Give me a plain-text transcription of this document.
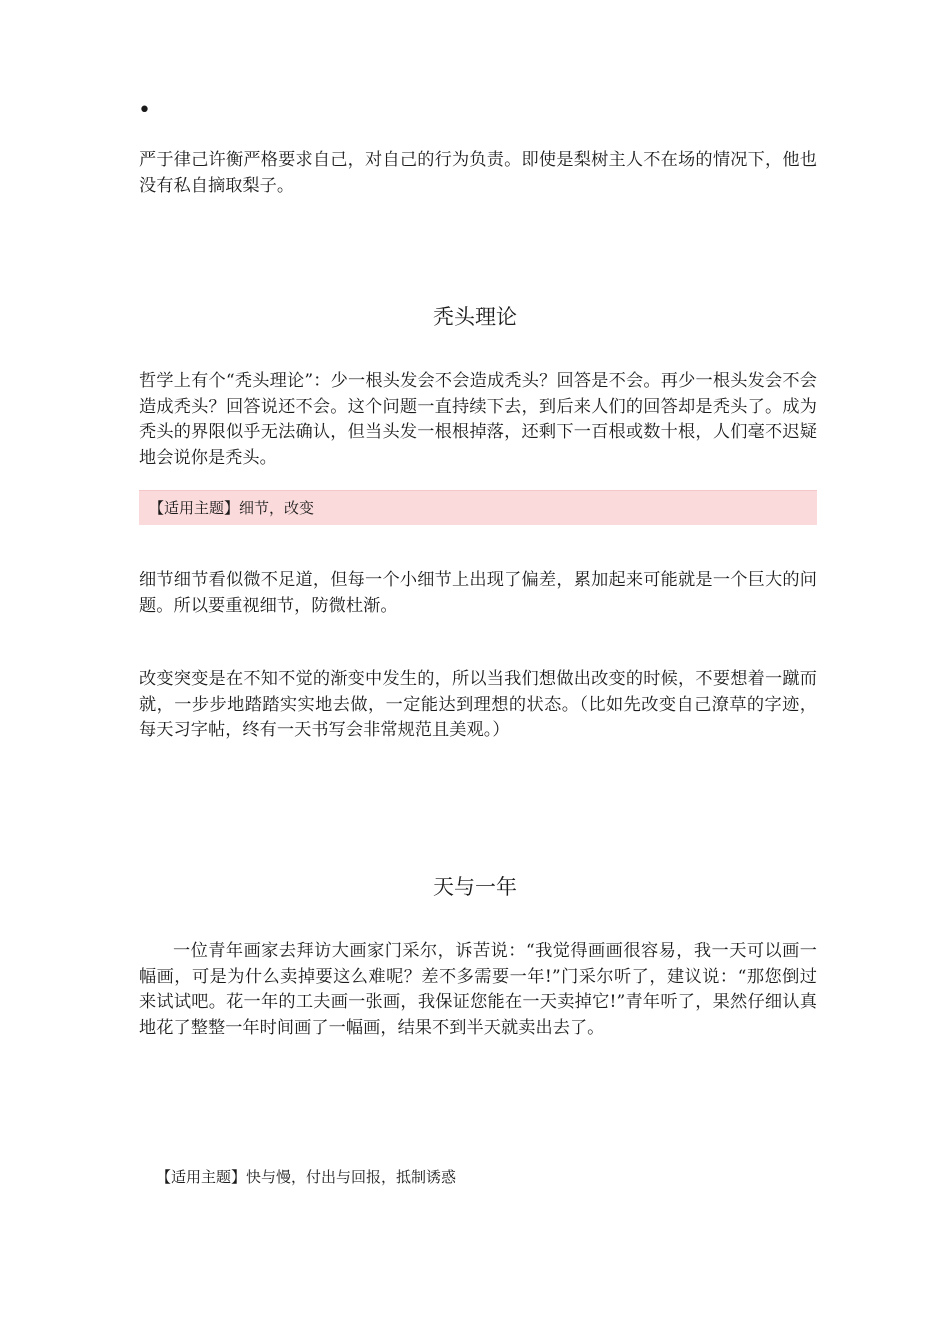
•

严于律己许衡严格要求自己，对自己的行为负责。即使是梨树主人不在场的情况下，他也没有私自摘取梨子。

秃头理论

哲学上有个“秃头理论”：少一根头发会不会造成秃头？回答是不会。再少一根头发会不会造成秃头？回答说还不会。这个问题一直持续下去，到后来人们的回答却是秃头了。成为秃头的界限似乎无法确认，但当头发一根根掉落，还剩下一百根或数十根，人们毫不迟疑地会说你是秃头。

【适用主题】细节，改变

细节细节看似微不足道，但每一个小细节上出现了偏差，累加起来可能就是一个巨大的问题。所以要重视细节，防微杜渐。

改变突变是在不知不觉的渐变中发生的，所以当我们想做出改变的时候，不要想着一蹴而就，一步步地踏踏实实地去做，一定能达到理想的状态。（比如先改变自己潦草的字迹，每天习字帖，终有一天书写会非常规范且美观。）

天与一年

一位青年画家去拜访大画家门采尔，诉苦说：“我觉得画画很容易，我一天可以画一幅画，可是为什么卖掉要这么难呢？差不多需要一年!”门采尔听了，建议说：“那您倒过来试试吧。花一年的工夫画一张画，我保证您能在一天卖掉它!”青年听了，果然仔细认真地花了整整一年时间画了一幅画，结果不到半天就卖出去了。

【适用主题】快与慢，付出与回报，抵制诱惑
